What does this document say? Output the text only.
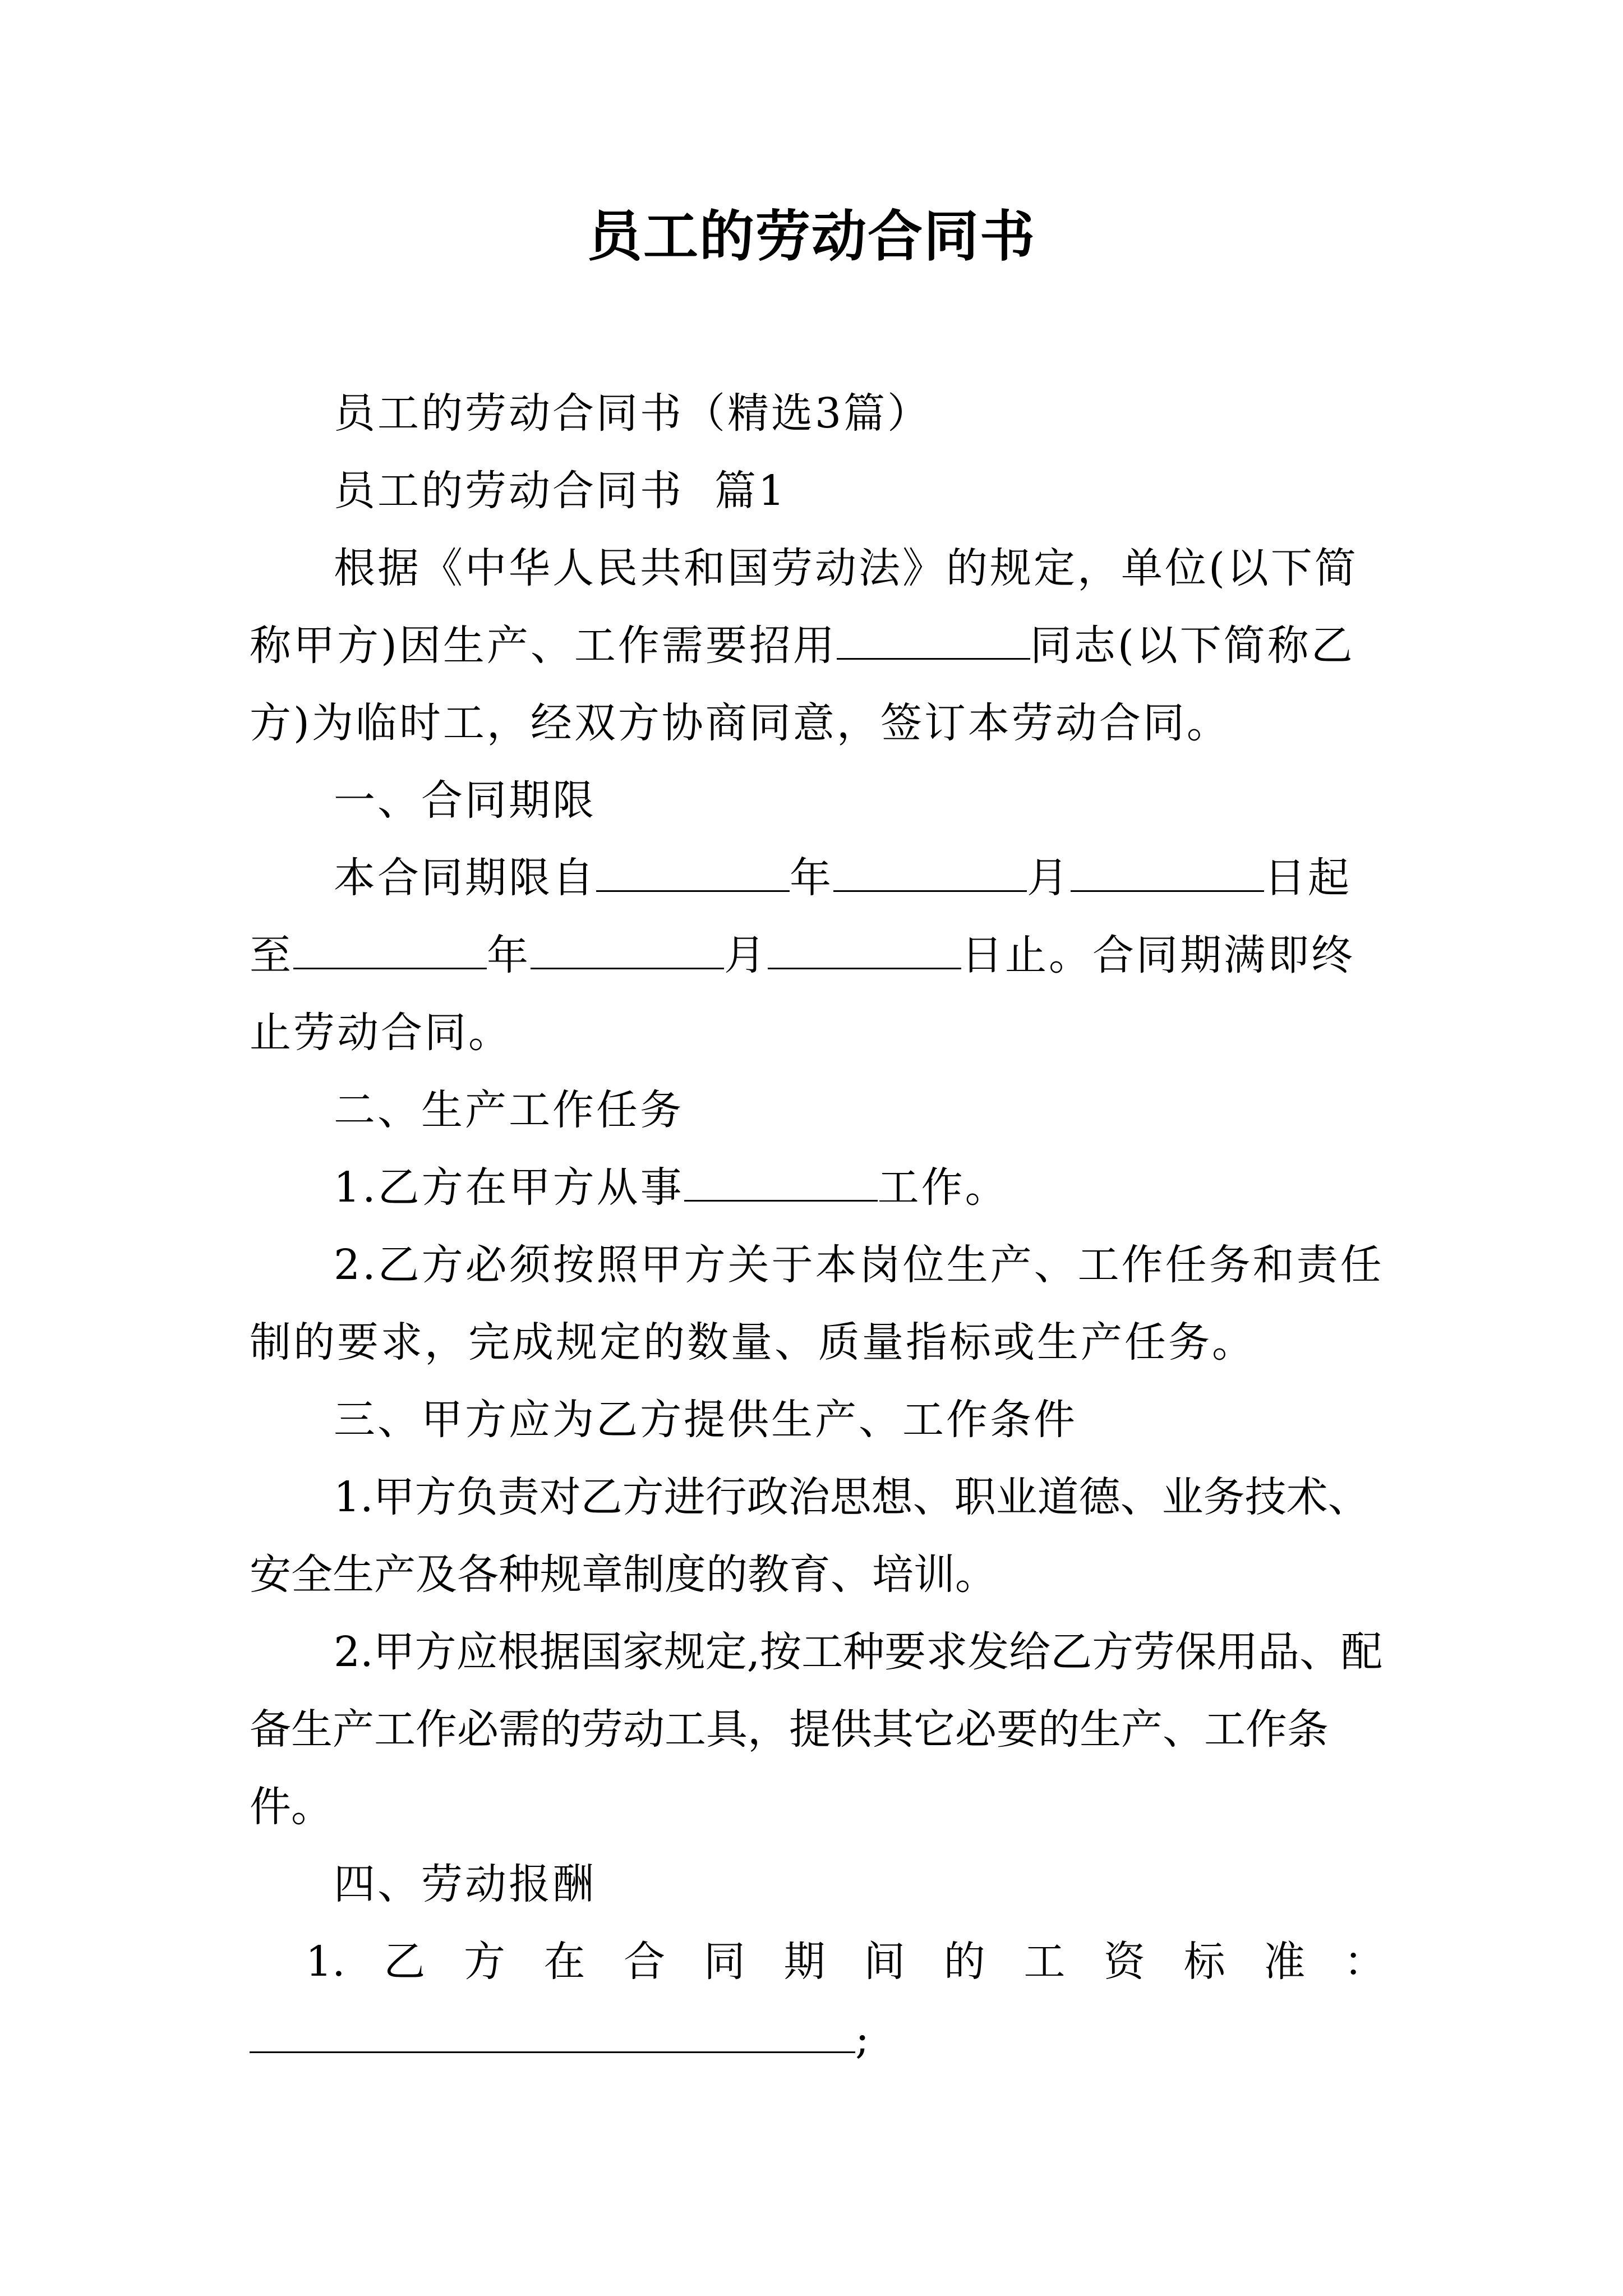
员工的劳动合同书

员工的劳动合同书（精选3篇）

员工的劳动合同书  篇1

根据《中华人民共和国劳动法》的规定，单位(以下简称甲方)因生产、工作需要招用	同志(以下简称乙方)为临时工，经双方协商同意，签订本劳动合同。

一、合同期限

本合同期限自	年	月	日起至	年	月	日止。合同期满即终止劳动合同。

二、生产工作任务

1.乙方在甲方从事	工作。

2.乙方必须按照甲方关于本岗位生产、工作任务和责任制的要求，完成规定的数量、质量指标或生产任务。

三、甲方应为乙方提供生产、工作条件

1.甲方负责对乙方进行政治思想、职业道德、业务技术、安全生产及各种规章制度的教育、培训。

2.甲方应根据国家规定,按工种要求发给乙方劳保用品、配备生产工作必需的劳动工具，提供其它必要的生产、工作条件。

四、劳动报酬

1.乙方在合同期间的工资标准：

;
